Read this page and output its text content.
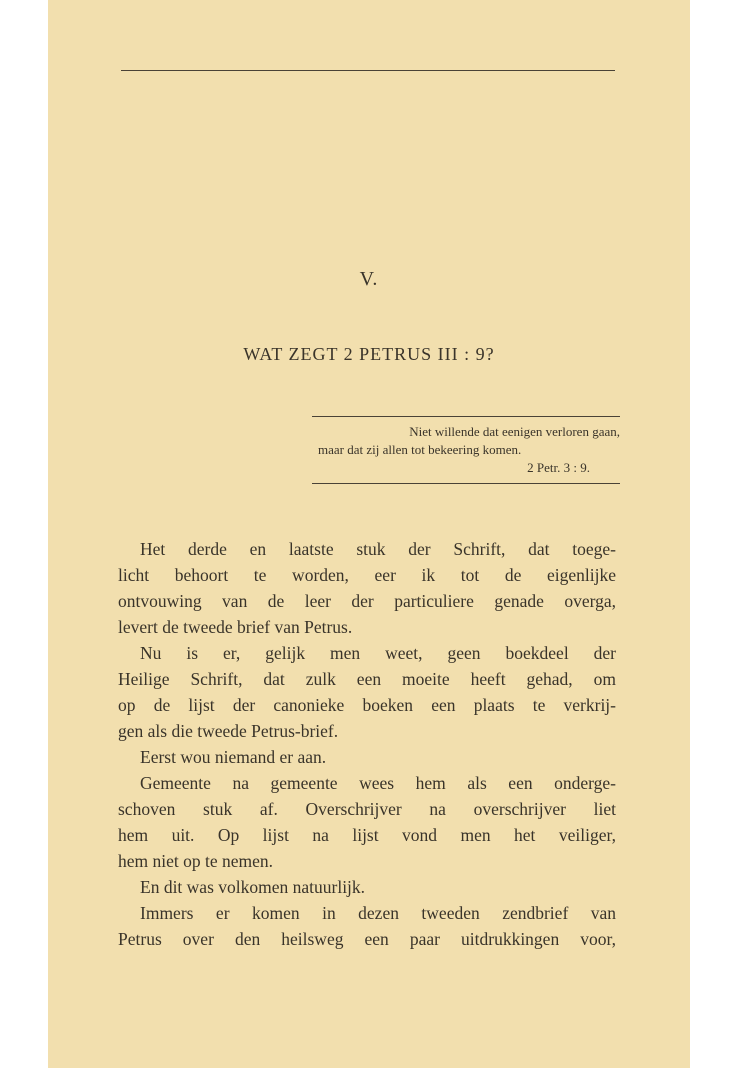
V.
WAT ZEGT 2 PETRUS III : 9?
Niet willende dat eenigen verloren gaan,
maar dat zij allen tot bekeering komen.
2 Petr. 3 : 9.
Het derde en laatste stuk der Schrift, dat toege-
licht behoort te worden, eer ik tot de eigenlijke
ontvouwing van de leer der particuliere genade overga,
levert de tweede brief van Petrus.
Nu is er, gelijk men weet, geen boekdeel der
Heilige Schrift, dat zulk een moeite heeft gehad, om
op de lijst der canonieke boeken een plaats te verkrij-
gen als die tweede Petrus-brief.
Eerst wou niemand er aan.
Gemeente na gemeente wees hem als een onderge-
schoven stuk af. Overschrijver na overschrijver liet
hem uit. Op lijst na lijst vond men het veiliger,
hem niet op te nemen.
En dit was volkomen natuurlijk.
Immers er komen in dezen tweeden zendbrief van
Petrus over den heilsweg een paar uitdrukkingen voor,
